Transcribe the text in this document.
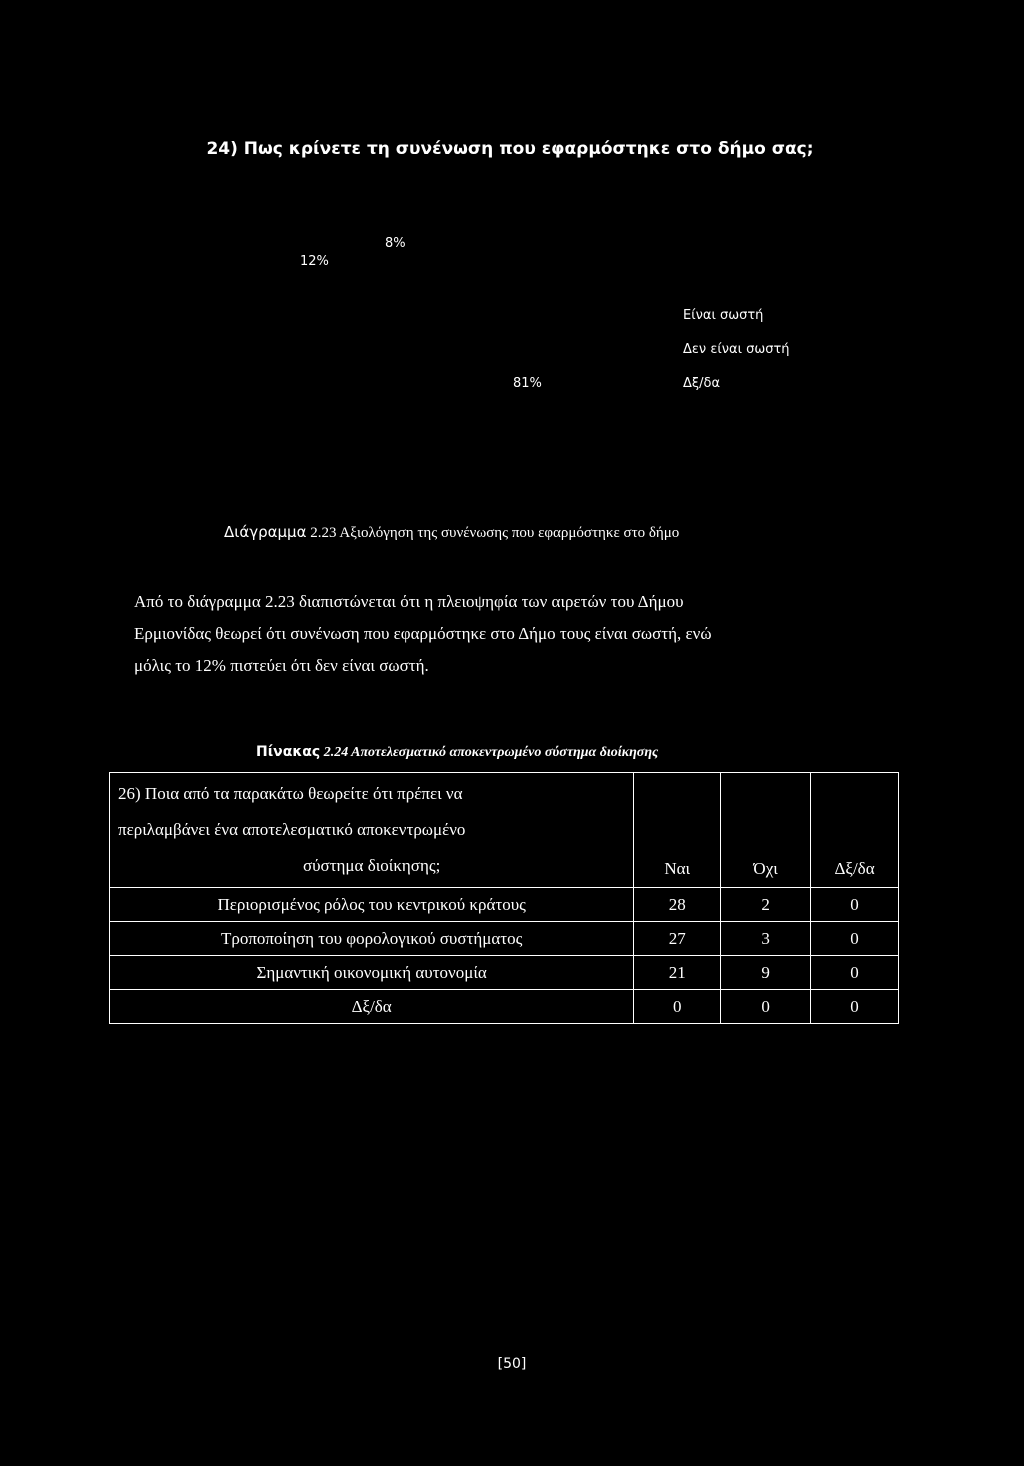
24) Πως κρίνετε τη συνένωση που εφαρμόστηκε στο δήμο σας;
12%
8%
81%
Είναι σωστή
Δεν είναι σωστή
Δξ/δα
Διάγραμμα 2.23 Αξιολόγηση της συνένωσης που εφαρμόστηκε στο δήμο

Από το διάγραμμα 2.23 διαπιστώνεται ότι η πλειοψηφία των αιρετών του Δήμου

Ερμιονίδας θεωρεί ότι συνένωση που εφαρμόστηκε στο Δήμο τους είναι σωστή, ενώ

μόλις το 12% πιστεύει ότι δεν είναι σωστή.

Πίνακας 2.24 Αποτελεσματικό αποκεντρωμένο σύστημα διοίκησης
26) Ποια από τα παρακάτω θεωρείτε ότι πρέπει να
περιλαμβάνει ένα αποτελεσματικό αποκεντρωμένο
σύστημα διοίκησης;	Ναι	Όχι	Δξ/δα
Περιορισμένος ρόλος του κεντρικού κράτους	28	2	0
Τροποποίηση του φορολογικού συστήματος	27	3	0
Σημαντική οικονομική αυτονομία	21	9	0
Δξ/δα	0	0	0
[50]
